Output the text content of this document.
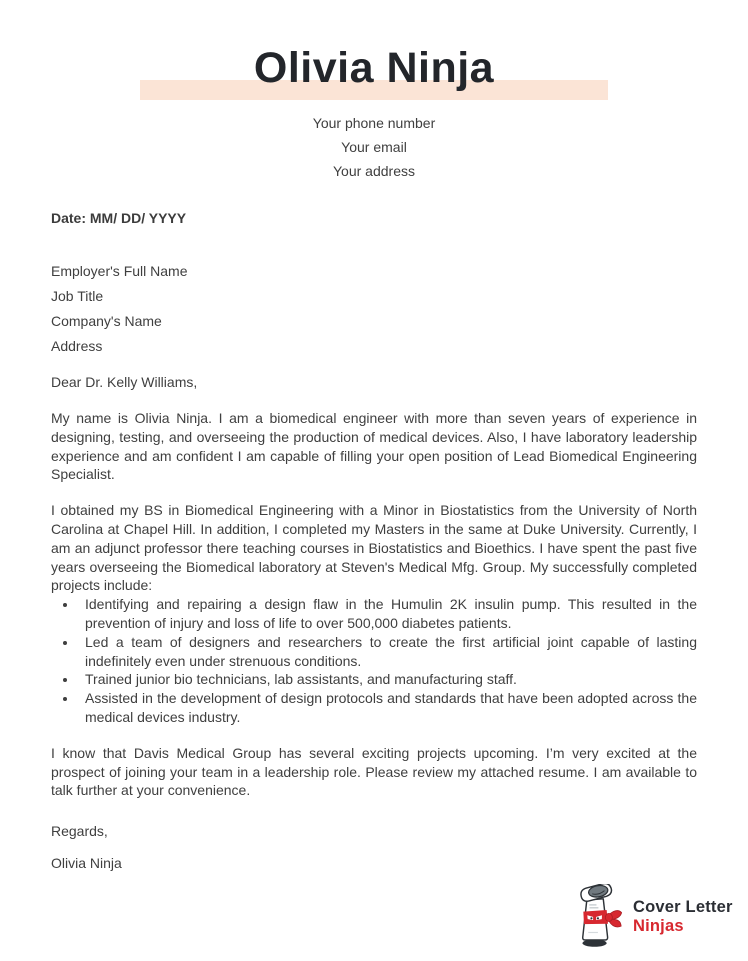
Olivia Ninja
Your phone number
Your email
Your address

Date: MM/ DD/ YYYY

Employer's Full Name
Job Title
Company's Name
Address

Dear Dr. Kelly Williams,

My name is Olivia Ninja. I am a biomedical engineer with more than seven years of experience in designing, testing, and overseeing the production of medical devices. Also, I have laboratory leadership experience and am confident I am capable of filling your open position of Lead Biomedical Engineering Specialist.

I obtained my BS in Biomedical Engineering with a Minor in Biostatistics from the University of North Carolina at Chapel Hill. In addition, I completed my Masters in the same at Duke University. Currently, I am an adjunct professor there teaching courses in Biostatistics and Bioethics. I have spent the past five years overseeing the Biomedical laboratory at Steven's Medical Mfg. Group. My successfully completed projects include:

• Identifying and repairing a design flaw in the Humulin 2K insulin pump. This resulted in the prevention of injury and loss of life to over 500,000 diabetes patients.
• Led a team of designers and researchers to create the first artificial joint capable of lasting indefinitely even under strenuous conditions.
• Trained junior bio technicians, lab assistants, and manufacturing staff.
• Assisted in the development of design protocols and standards that have been adopted across the medical devices industry.

I know that Davis Medical Group has several exciting projects upcoming. I’m very excited at the prospect of joining your team in a leadership role. Please review my attached resume. I am available to talk further at your convenience.

Regards,

Olivia Ninja

Cover Letter
Ninjas
